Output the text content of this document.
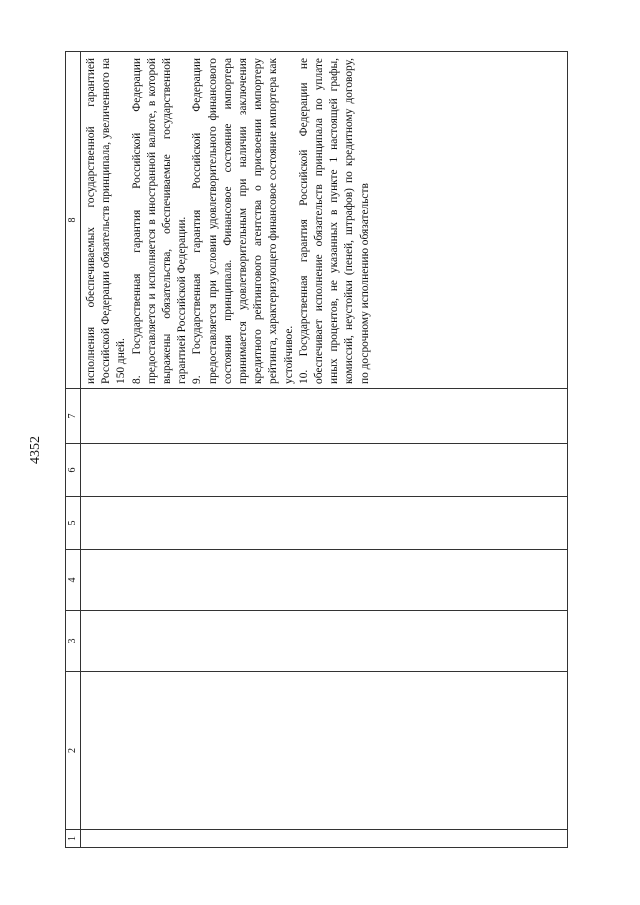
4352
1	2	3	4	5	6	7	8

							исполнения обеспечиваемых государственной гарантией Российской Федерации обязательств принципала, увеличенного на 150 дней. 8. Государственная гарантия Российской Федерации предоставляется и исполняется в иностранной валюте, в которой выражены обязательства, обеспечиваемые государственной гарантией Российской Федерации. 9. Государственная гарантия Российской Федерации предоставляется при условии удовлетворительного финансового состояния принципала. Финансовое состояние импортера принимается удовлетворительным при наличии заключения кредитного рейтингового агентства о присвоении импортеру рейтинга, характеризующего финансовое состояние импортера как устойчивое. 10. Государственная гарантия Российской Федерации не обеспечивает исполнение обязательств принципала по уплате иных процентов, не указанных в пункте 1 настоящей графы, комиссий, неустойки (пеней, штрафов) по кредитному договору, по досрочному исполнению обязательств
